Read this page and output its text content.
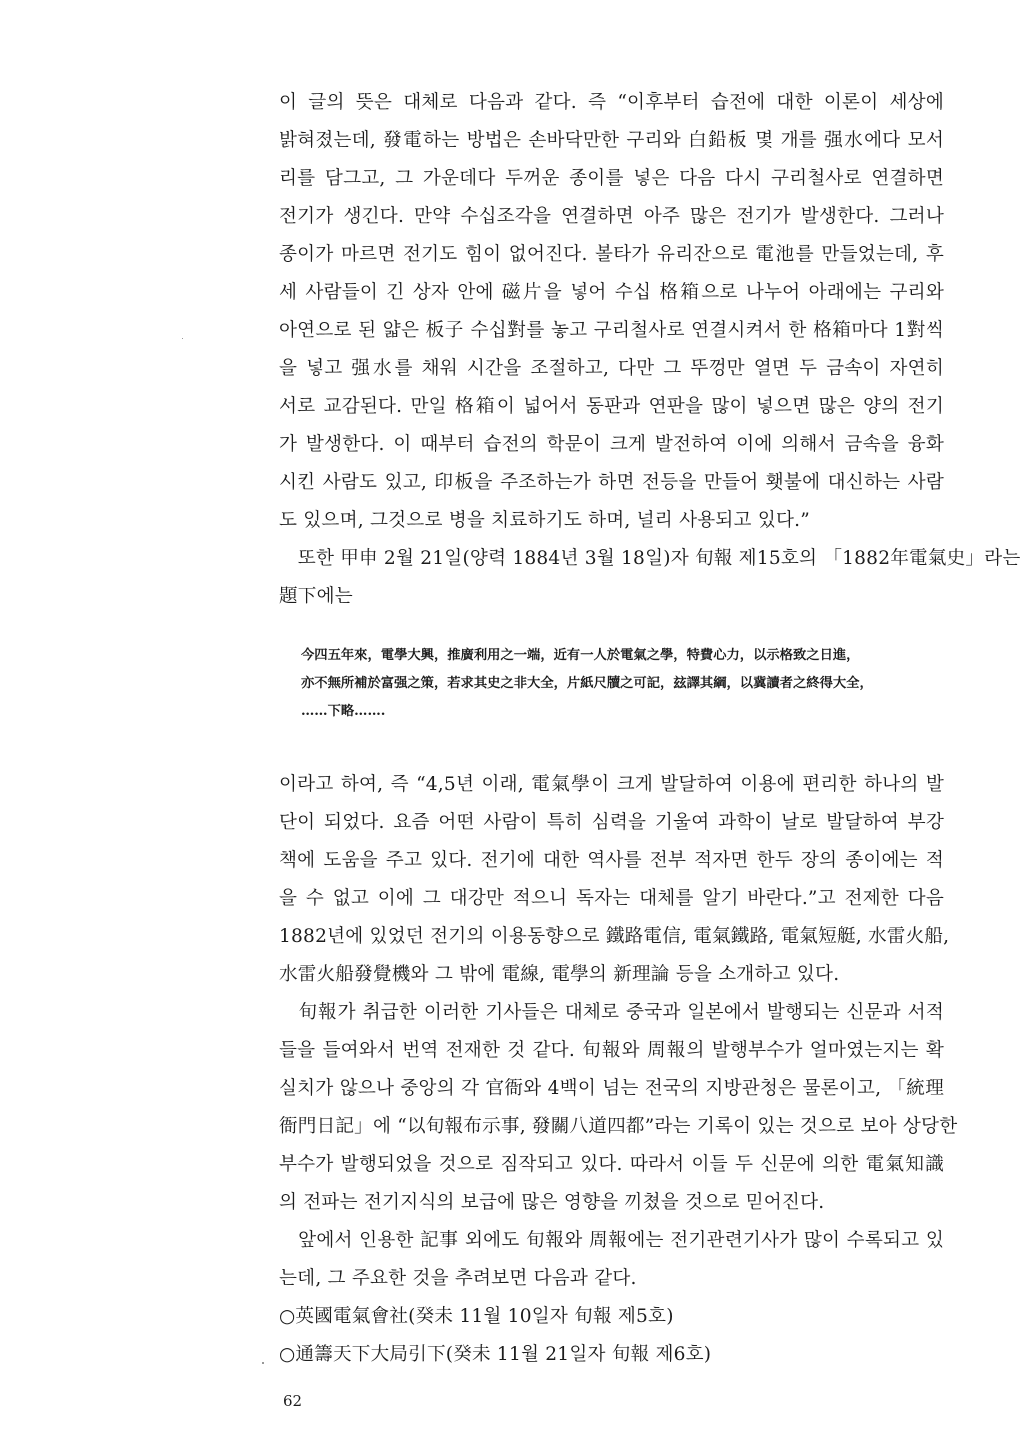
이 글의 뜻은 대체로 다음과 같다. 즉 “이후부터 습전에 대한 이론이 세상에
밝혀졌는데, 發電하는 방법은 손바닥만한 구리와 白鉛板 몇 개를 强水에다 모서
리를 담그고, 그 가운데다 두꺼운 종이를 넣은 다음 다시 구리철사로 연결하면
전기가 생긴다. 만약 수십조각을 연결하면 아주 많은 전기가 발생한다. 그러나
종이가 마르면 전기도 힘이 없어진다. 볼타가 유리잔으로 電池를 만들었는데, 후
세 사람들이 긴 상자 안에 磁片을 넣어 수십 格箱으로 나누어 아래에는 구리와
아연으로 된 얇은 板子 수십對를 놓고 구리철사로 연결시켜서 한 格箱마다 1對씩
을 넣고 强水를 채워 시간을 조절하고, 다만 그 뚜껑만 열면 두 금속이 자연히
서로 교감된다. 만일 格箱이 넓어서 동판과 연판을 많이 넣으면 많은 양의 전기
가 발생한다. 이 때부터 습전의 학문이 크게 발전하여 이에 의해서 금속을 융화
시킨 사람도 있고, 印板을 주조하는가 하면 전등을 만들어 횃불에 대신하는 사람
도 있으며, 그것으로 병을 치료하기도 하며, 널리 사용되고 있다.”
　또한 甲申 2월 21일(양력 1884년 3월 18일)자 旬報 제15호의 「1882年電氣史」라는
題下에는
今四五年來，電學大興，推廣利用之一端，近有一人於電氣之學，特費心力，以示格致之日進，
亦不無所補於富强之策，若求其史之非大全，片紙尺牘之可記，玆譯其綱，以冀讀者之終得大全，
……下略…….
이라고 하여, 즉 “4,5년 이래, 電氣學이 크게 발달하여 이용에 편리한 하나의 발
단이 되었다. 요즘 어떤 사람이 특히 심력을 기울여 과학이 날로 발달하여 부강
책에 도움을 주고 있다. 전기에 대한 역사를 전부 적자면 한두 장의 종이에는 적
을 수 없고 이에 그 대강만 적으니 독자는 대체를 알기 바란다.”고 전제한 다음
1882년에 있었던 전기의 이용동향으로 鐵路電信, 電氣鐵路, 電氣短艇, 水雷火船,
水雷火船發覺機와 그 밖에 電線, 電學의 新理論 등을 소개하고 있다.
　旬報가 취급한 이러한 기사들은 대체로 중국과 일본에서 발행되는 신문과 서적
들을 들여와서 번역 전재한 것 같다. 旬報와 周報의 발행부수가 얼마였는지는 확
실치가 않으나 중앙의 각 官衙와 4백이 넘는 전국의 지방관청은 물론이고, 「統理
衙門日記」에 “以旬報布示事, 發關八道四都”라는 기록이 있는 것으로 보아 상당한
부수가 발행되었을 것으로 짐작되고 있다. 따라서 이들 두 신문에 의한 電氣知識
의 전파는 전기지식의 보급에 많은 영향을 끼쳤을 것으로 믿어진다.
　앞에서 인용한 記事 외에도 旬報와 周報에는 전기관련기사가 많이 수록되고 있
는데, 그 주요한 것을 추려보면 다음과 같다.
○英國電氣會社(癸未 11월 10일자 旬報 제5호)
○通籌天下大局引下(癸未 11월 21일자 旬報 제6호)
62
